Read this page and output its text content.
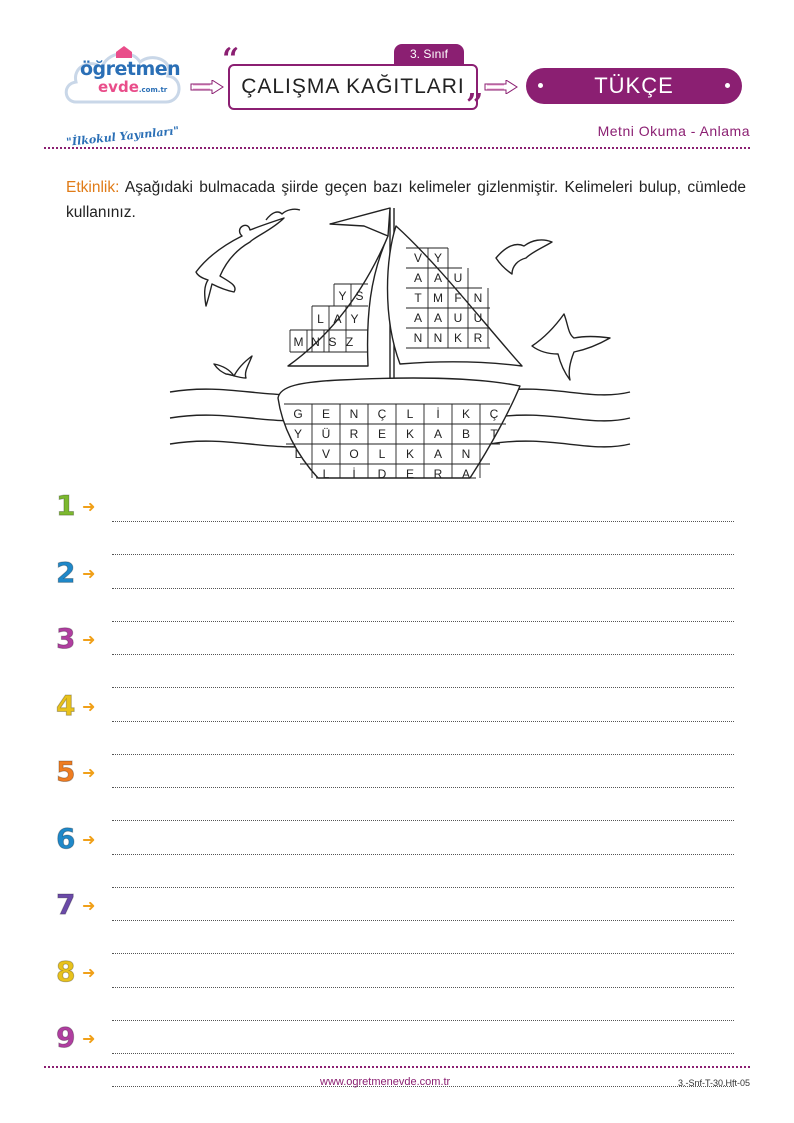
öğretmen
evde.com.tr
"İlkokul Yayınları"
3. Sınıf
“
ÇALIŞMA KAĞITLARI
”
TÜKÇE
Metni Okuma - Anlama
Etkinlik: Aşağıdaki bulmacada şiirde geçen bazı kelimeler gizlenmiştir. Kelimeleri bulup, cümlede kullanınız.
Y S
L A Y
M N S Z
V Y
A A U
T M F N
A A U U
N N K R
G E N Ç L İ K Ç
Y Ü R E K A B T
L V O L K A N
L İ D E R A
1 ➜
2 ➜
3 ➜
4 ➜
5 ➜
6 ➜
7 ➜
8 ➜
9 ➜
www.ogretmenevde.com.tr	3.-Snf-T-30.Hft-05
